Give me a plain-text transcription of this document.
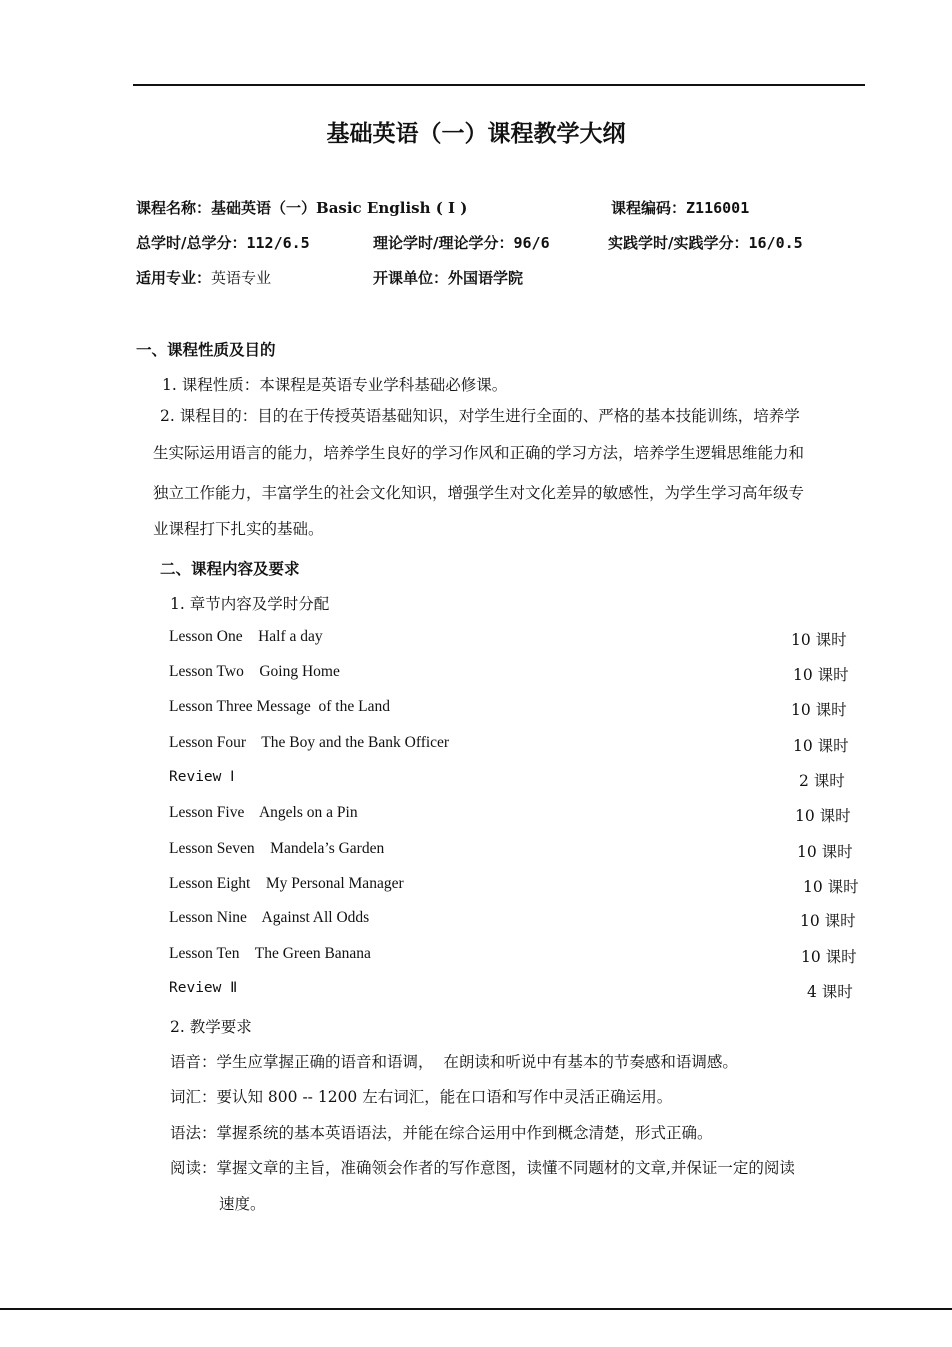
基础英语（一）课程教学大纲
课程名称：基础英语（一）Basic English ( I )	课程编码：Z116001
总学时/总学分：112/6.5	理论学时/理论学分：96/6	实践学时/实践学分：16/0.5
适用专业：英语专业	开课单位：外国语学院
一、课程性质及目的
1. 课程性质：本课程是英语专业学科基础必修课。
2. 课程目的：目的在于传授英语基础知识，对学生进行全面的、严格的基本技能训练，培养学
生实际运用语言的能力，培养学生良好的学习作风和正确的学习方法，培养学生逻辑思维能力和
独立工作能力，丰富学生的社会文化知识，增强学生对文化差异的敏感性，为学生学习高年级专
业课程打下扎实的基础。
二、课程内容及要求
1. 章节内容及学时分配
Lesson One    Half a day	10 课时
Lesson Two    Going Home	10 课时
Lesson Three Message  of the Land	10 课时
Lesson Four    The Boy and the Bank Officer	10 课时
Review Ⅰ	2 课时
Lesson Five    Angels on a Pin	10 课时
Lesson Seven    Mandela’s Garden	10 课时
Lesson Eight    My Personal Manager	10 课时
Lesson Nine    Against All Odds	10 课时
Lesson Ten    The Green Banana	10 课时
Review Ⅱ	4 课时
2. 教学要求
语音：学生应掌握正确的语音和语调，  在朗读和听说中有基本的节奏感和语调感。
词汇：要认知 800 -- 1200 左右词汇，能在口语和写作中灵活正确运用。
语法：掌握系统的基本英语语法，并能在综合运用中作到概念清楚，形式正确。
阅读：掌握文章的主旨，准确领会作者的写作意图，读懂不同题材的文章,并保证一定的阅读
速度。
